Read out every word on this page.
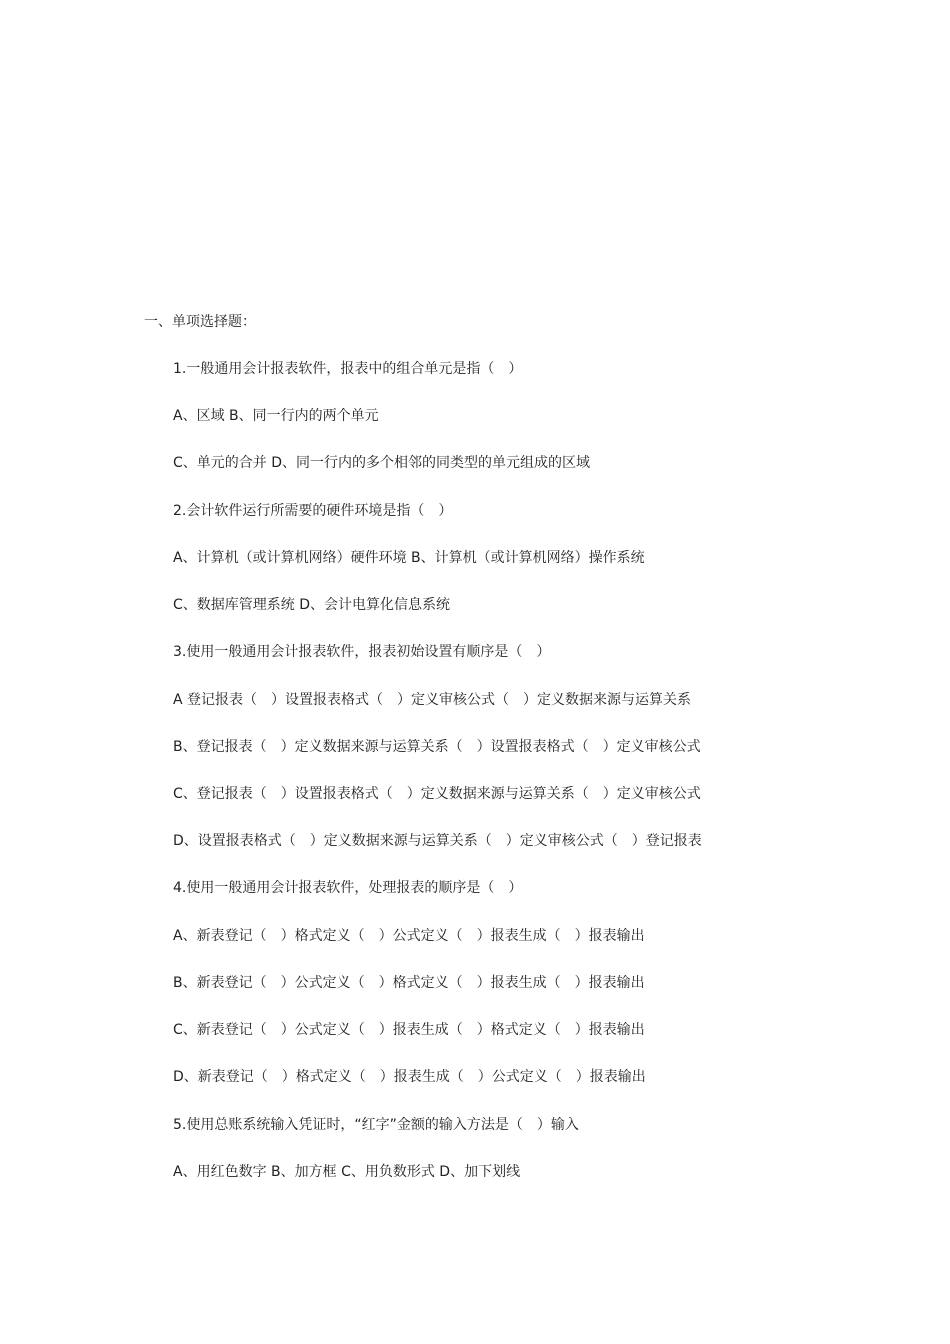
一、单项选择题：
1.一般通用会计报表软件，报表中的组合单元是指（　）
A、区域 B、同一行内的两个单元
C、单元的合并 D、同一行内的多个相邻的同类型的单元组成的区域
2.会计软件运行所需要的硬件环境是指（　）
A、计算机（或计算机网络）硬件环境 B、计算机（或计算机网络）操作系统
C、数据库管理系统 D、会计电算化信息系统
3.使用一般通用会计报表软件，报表初始设置有顺序是（　）
A 登记报表（　）设置报表格式（　）定义审核公式（　）定义数据来源与运算关系
B、登记报表（　）定义数据来源与运算关系（　）设置报表格式（　）定义审核公式
C、登记报表（　）设置报表格式（　）定义数据来源与运算关系（　）定义审核公式
D、设置报表格式（　）定义数据来源与运算关系（　）定义审核公式（　）登记报表
4.使用一般通用会计报表软件，处理报表的顺序是（　）
A、新表登记（　）格式定义（　）公式定义（　）报表生成（　）报表输出
B、新表登记（　）公式定义（　）格式定义（　）报表生成（　）报表输出
C、新表登记（　）公式定义（　）报表生成（　）格式定义（　）报表输出
D、新表登记（　）格式定义（　）报表生成（　）公式定义（　）报表输出
5.使用总账系统输入凭证时，“红字”金额的输入方法是（　）输入
A、用红色数字 B、加方框 C、用负数形式 D、加下划线
